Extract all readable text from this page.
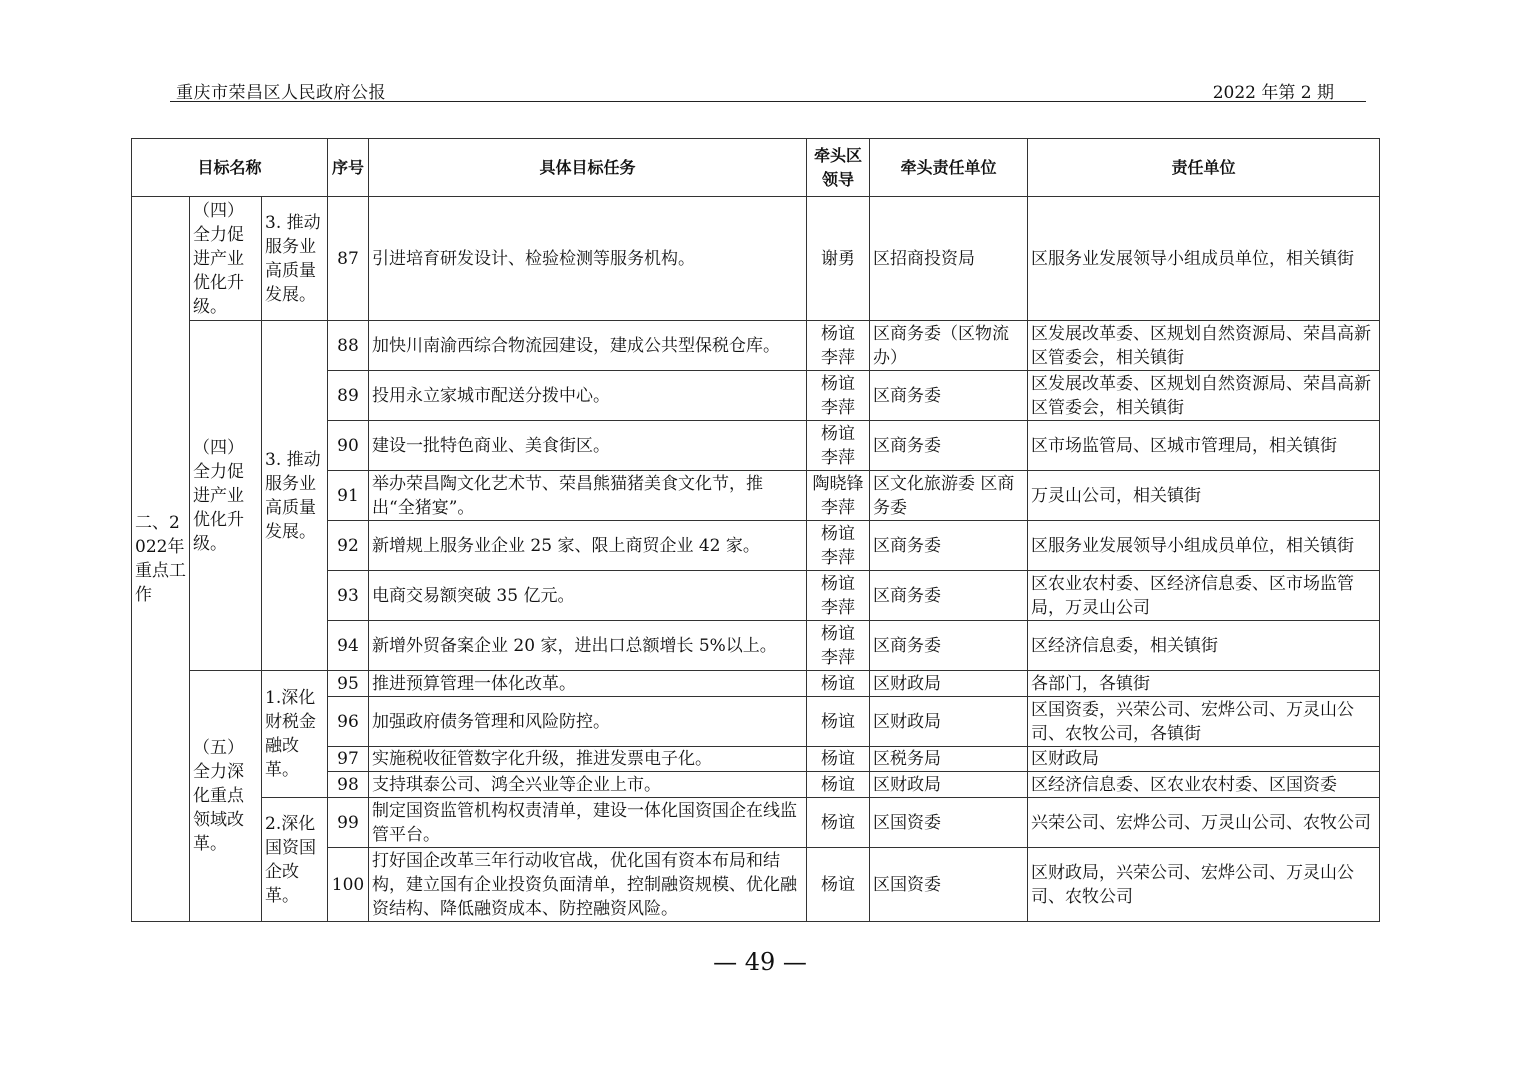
重庆市荣昌区人民政府公报	2022 年第 2 期
目标名称			序号	具体目标任务	牵头区领导	牵头责任单位	责任单位
二、2022年重点工作	（四）全力促进产业优化升级。	3. 推动服务业高质量发展。	87	引进培育研发设计、检验检测等服务机构。	谢勇	区招商投资局	区服务业发展领导小组成员单位，相关镇街
	（四）全力促进产业优化升级。	3. 推动服务业高质量发展。	88	加快川南渝西综合物流园建设，建成公共型保税仓库。	杨谊 李萍	区商务委（区物流办）	区发展改革委、区规划自然资源局、荣昌高新区管委会，相关镇街
			89	投用永立家城市配送分拨中心。	杨谊 李萍	区商务委	区发展改革委、区规划自然资源局、荣昌高新区管委会，相关镇街
			90	建设一批特色商业、美食街区。	杨谊 李萍	区商务委	区市场监管局、区城市管理局，相关镇街
			91	举办荣昌陶文化艺术节、荣昌熊猫猪美食文化节，推出“全猪宴”。	陶晓锋 李萍	区文化旅游委 区商务委	万灵山公司，相关镇街
			92	新增规上服务业企业 25 家、限上商贸企业 42 家。	杨谊 李萍	区商务委	区服务业发展领导小组成员单位，相关镇街
			93	电商交易额突破 35 亿元。	杨谊 李萍	区商务委	区农业农村委、区经济信息委、区市场监管局，万灵山公司
			94	新增外贸备案企业 20 家，进出口总额增长 5%以上。	杨谊 李萍	区商务委	区经济信息委，相关镇街
	（五）全力深化重点领域改革。	1.深化财税金融改革。	95	推进预算管理一体化改革。	杨谊	区财政局	各部门，各镇街
			96	加强政府债务管理和风险防控。	杨谊	区财政局	区国资委，兴荣公司、宏烨公司、万灵山公司、农牧公司，各镇街
			97	实施税收征管数字化升级，推进发票电子化。	杨谊	区税务局	区财政局
			98	支持琪泰公司、鸿全兴业等企业上市。	杨谊	区财政局	区经济信息委、区农业农村委、区国资委
		2.深化国资国企改革。	99	制定国资监管机构权责清单，建设一体化国资国企在线监管平台。	杨谊	区国资委	兴荣公司、宏烨公司、万灵山公司、农牧公司
			100	打好国企改革三年行动收官战，优化国有资本布局和结构，建立国有企业投资负面清单，控制融资规模、优化融资结构、降低融资成本、防控融资风险。	杨谊	区国资委	区财政局，兴荣公司、宏烨公司、万灵山公司、农牧公司
— 49 —
